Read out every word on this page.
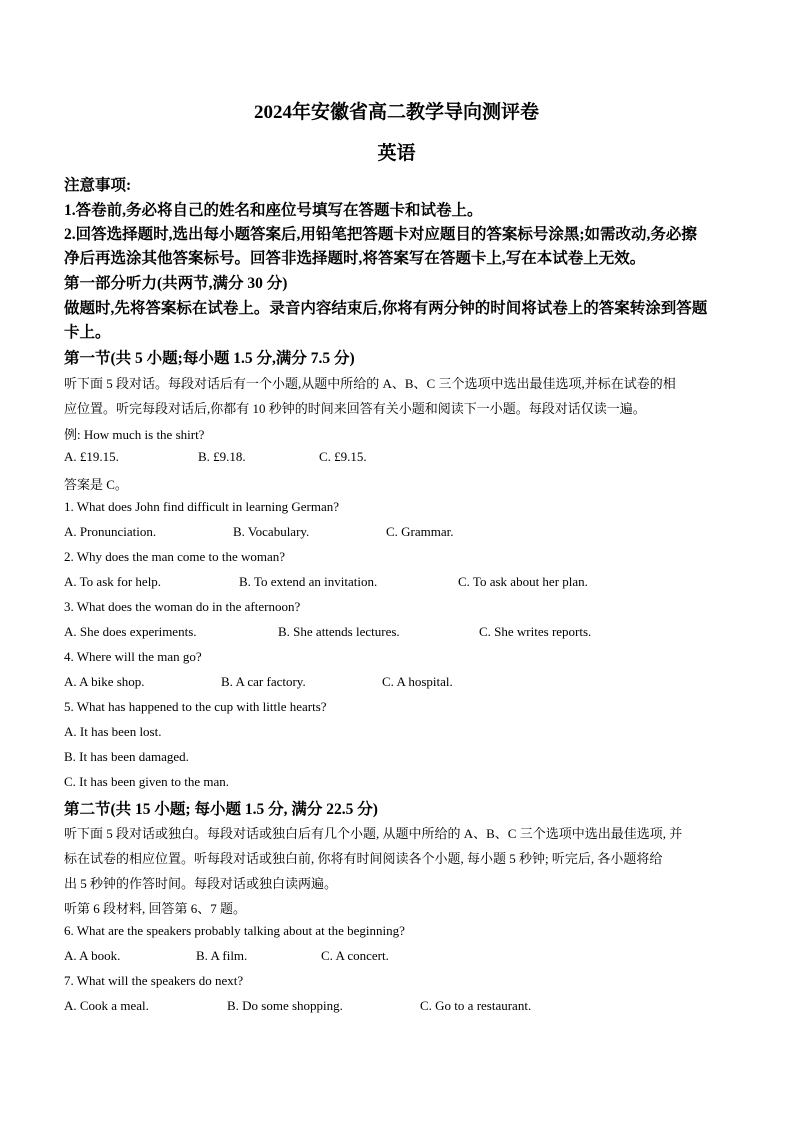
2024年安徽省高二教学导向测评卷
英语
注意事项:
1.答卷前,务必将自己的姓名和座位号填写在答题卡和试卷上。
2.回答选择题时,选出每小题答案后,用铅笔把答题卡对应题目的答案标号涂黑;如需改动,务必擦
净后再选涂其他答案标号。回答非选择题时,将答案写在答题卡上,写在本试卷上无效。
第一部分听力(共两节,满分 30 分)
做题时,先将答案标在试卷上。录音内容结束后,你将有两分钟的时间将试卷上的答案转涂到答题
卡上。
第一节(共 5 小题;每小题 1.5 分,满分 7.5 分)
听下面 5 段对话。每段对话后有一个小题,从题中所给的 A、B、C 三个选项中选出最佳选项,并标在试卷的相
应位置。听完每段对话后,你都有 10 秒钟的时间来回答有关小题和阅读下一小题。每段对话仅读一遍。
例: How much is the shirt?
A. £19.15.	B. £9.18.	C. £9.15.
答案是 C。
1. What does John find difficult in learning German?
A. Pronunciation.	B. Vocabulary.	C. Grammar.
2. Why does the man come to the woman?
A. To ask for help.	B. To extend an invitation.	C. To ask about her plan.
3. What does the woman do in the afternoon?
A. She does experiments.	B. She attends lectures.	C. She writes reports.
4. Where will the man go?
A. A bike shop.	B. A car factory.	C. A hospital.
5. What has happened to the cup with little hearts?
A. It has been lost.
B. It has been damaged.
C. It has been given to the man.
第二节(共 15 小题; 每小题 1.5 分, 满分 22.5 分)
听下面 5 段对话或独白。每段对话或独白后有几个小题, 从题中所给的 A、B、C 三个选项中选出最佳选项, 并
标在试卷的相应位置。听每段对话或独白前, 你将有时间阅读各个小题, 每小题 5 秒钟; 听完后, 各小题将给
出 5 秒钟的作答时间。每段对话或独白读两遍。
听第 6 段材料, 回答第 6、7 题。
6. What are the speakers probably talking about at the beginning?
A. A book.	B. A film.	C. A concert.
7. What will the speakers do next?
A. Cook a meal.	B. Do some shopping.	C. Go to a restaurant.
